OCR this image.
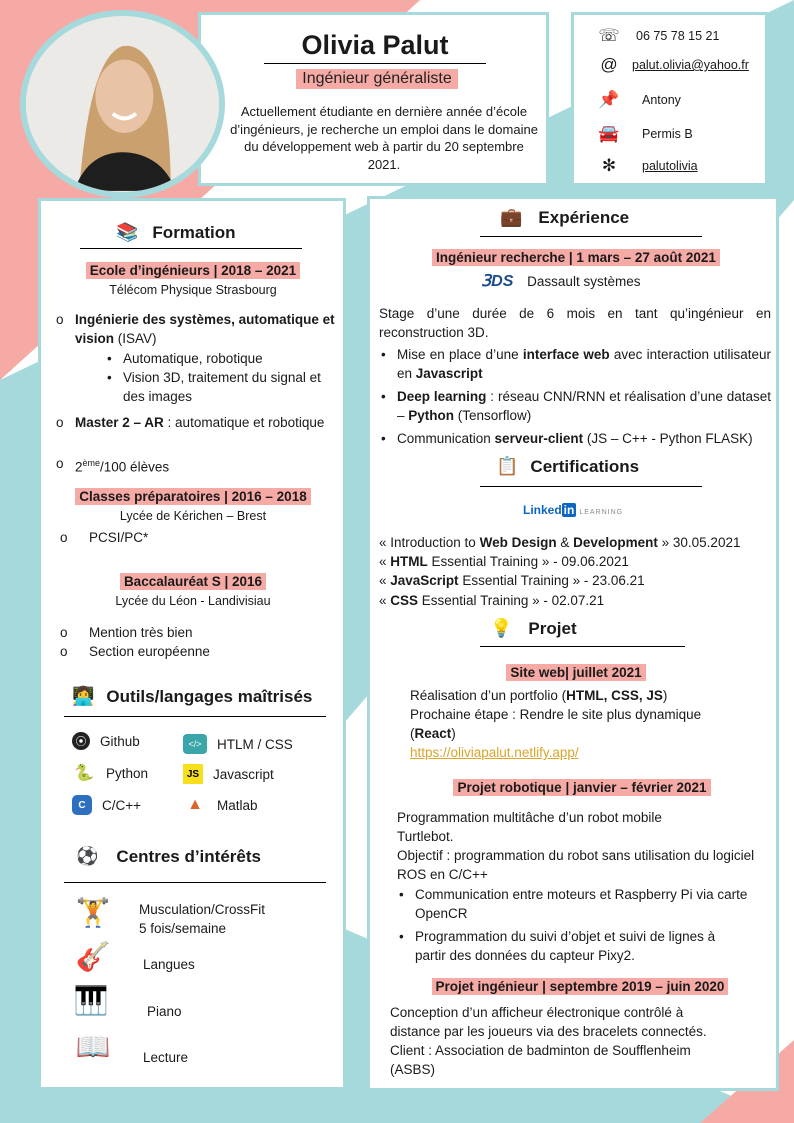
Olivia Palut
Ingénieur généraliste
Actuellement étudiante en dernière année d’école d’ingénieurs, je recherche un emploi dans le domaine du développement web à partir du 20 septembre 2021.
☏ 06 75 78 15 21
@	palut.olivia@yahoo.fr
📌 Antony
🚘 Permis B
✻	palutolivia
📚 Formation
Ecole d’ingénieurs | 2018 – 2021
Télécom Physique Strasbourg
o Ingénierie des systèmes, automatique et vision (ISAV)
• Automatique, robotique
• Vision 3D, traitement du signal et des images
o Master 2 – AR : automatique et robotique
o 2ème/100 élèves
Classes préparatoires | 2016 – 2018
Lycée de Kérichen – Brest
o PCSI/PC*
Baccalauréat S | 2016
Lycée du Léon - Landivisiau
o Mention très bien
o Section européenne
👩‍💻 Outils/langages maîtrisés
⦿ Github	</>	HTLM / CSS
🐍 Python	JS Javascript
C	C/C++	▲	Matlab
⚽ Centres d’intérêts
🏋	Musculation/CrossFit
5 fois/semaine
🎸	Langues
🎹	Piano
📖	Lecture
💼 Expérience
Ingénieur recherche | 1 mars – 27 août 2021
𝟥DS Dassault systèmes
Stage d’une durée de 6 mois en tant qu’ingénieur en reconstruction 3D.
• Mise en place d’une interface web avec interaction utilisateur en Javascript
• Deep learning : réseau CNN/RNN et réalisation d’une dataset – Python (Tensorflow)
• Communication serveur-client (JS – C++ - Python FLASK)
📋 Certifications
Linked in LEARNING
« Introduction to Web Design & Development » 30.05.2021
« HTML Essential Training » - 09.06.2021
« JavaScript Essential Training » - 23.06.21
« CSS Essential Training » - 02.07.21
💡 Projet
Site web| juillet 2021
Réalisation d’un portfolio (HTML, CSS, JS)
Prochaine étape : Rendre le site plus dynamique
(React)
https://oliviapalut.netlify.app/
Projet robotique | janvier – février 2021
Programmation multitâche d’un robot mobile Turtlebot.
Objectif : programmation du robot sans utilisation du logiciel ROS en C/C++
• Communication entre moteurs et Raspberry Pi via carte OpenCR
• Programmation du suivi d’objet et suivi de lignes à partir des données du capteur Pixy2.
Projet ingénieur | septembre 2019 – juin 2020
Conception d’un afficheur électronique contrôlé à distance par les joueurs via des bracelets connectés.
Client : Association de badminton de Soufflenheim (ASBS)
